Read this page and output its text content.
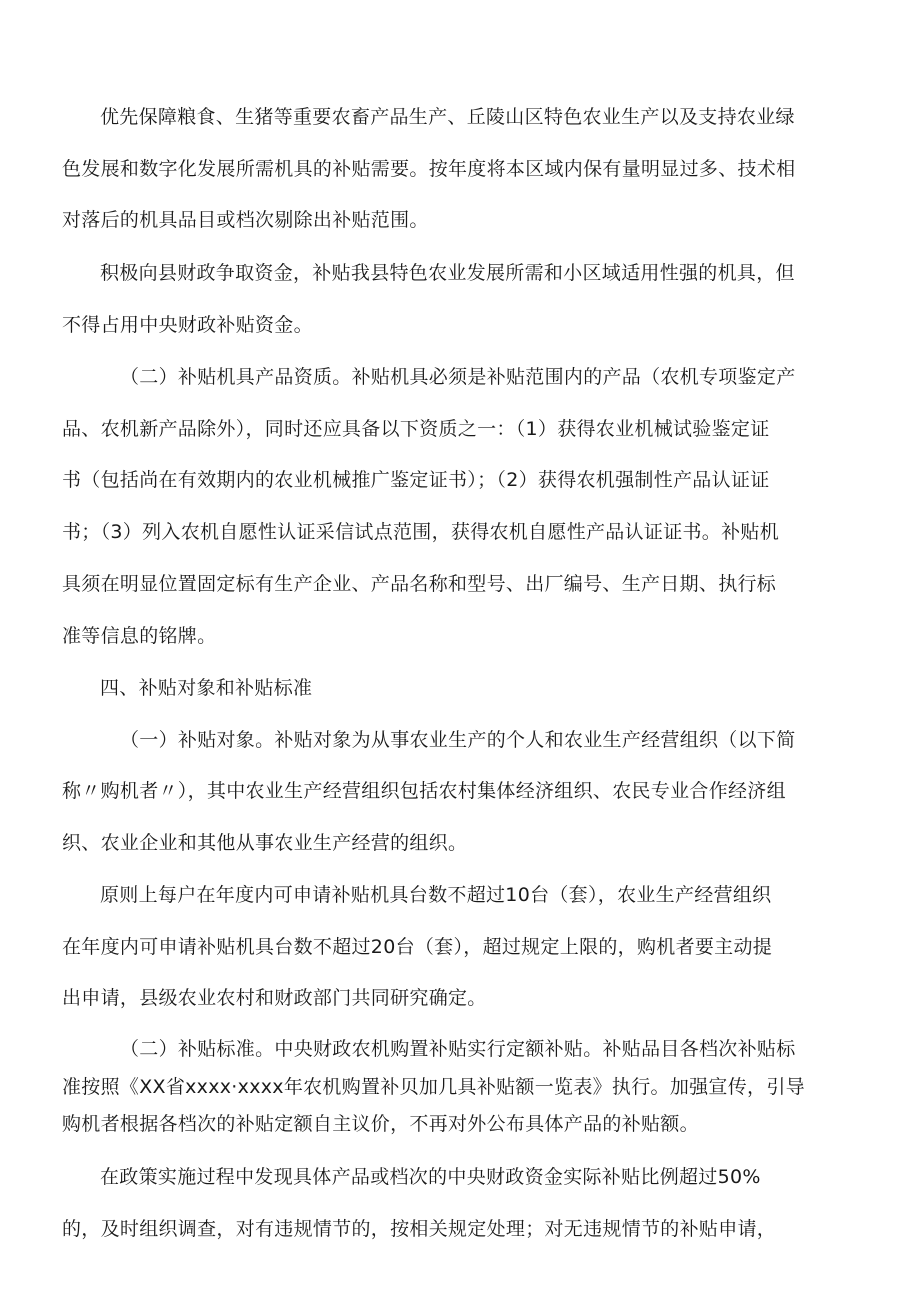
优先保障粮食、生猪等重要农畜产品生产、丘陵山区特色农业生产以及支持农业绿
色发展和数字化发展所需机具的补贴需要。按年度将本区域内保有量明显过多、技术相
对落后的机具品目或档次剔除出补贴范围。
积极向县财政争取资金，补贴我县特色农业发展所需和小区域适用性强的机具，但
不得占用中央财政补贴资金。
（二）补贴机具产品资质。补贴机具必须是补贴范围内的产品（农机专项鉴定产
品、农机新产品除外），同时还应具备以下资质之一：（1）获得农业机械试验鉴定证
书（包括尚在有效期内的农业机械推广鉴定证书）；（2）获得农机强制性产品认证证
书；（3）列入农机自愿性认证采信试点范围，获得农机自愿性产品认证证书。补贴机
具须在明显位置固定标有生产企业、产品名称和型号、出厂编号、生产日期、执行标
准等信息的铭牌。
四、补贴对象和补贴标准
（一）补贴对象。补贴对象为从事农业生产的个人和农业生产经营组织（以下简
称〃购机者〃），其中农业生产经营组织包括农村集体经济组织、农民专业合作经济组
织、农业企业和其他从事农业生产经营的组织。
原则上每户在年度内可申请补贴机具台数不超过10台（套），农业生产经营组织
在年度内可申请补贴机具台数不超过20台（套），超过规定上限的，购机者要主动提
出申请，县级农业农村和财政部门共同研究确定。
（二）补贴标准。中央财政农机购置补贴实行定额补贴。补贴品目各档次补贴标
准按照《XX省xxxx·xxxx年农机购置补贝加几具补贴额一览表》执行。加强宣传，引导
购机者根据各档次的补贴定额自主议价，不再对外公布具体产品的补贴额。
在政策实施过程中发现具体产品或档次的中央财政资金实际补贴比例超过50%
的，及时组织调查，对有违规情节的，按相关规定处理；对无违规情节的补贴申请，
